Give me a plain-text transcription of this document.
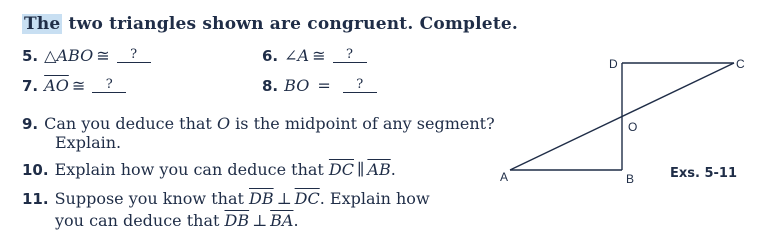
The two triangles shown are congruent. Complete.
5. △ABO ≅ ?	6. ∠A ≅ ?
7. $\overline{AO}$ ≅ ?	8. BO = ?
9. Can you deduce that O is the midpoint of any segment?
Explain.
10. Explain how you can deduce that $\overline{DC}$ ∥ $\overline{AB}$.
11. Suppose you know that $\overline{DB}$ ⊥ $\overline{DC}$. Explain how
you can deduce that $\overline{DB}$ ⊥ $\overline{BA}$.
D	C
O
A	B	Exs. 5-11
